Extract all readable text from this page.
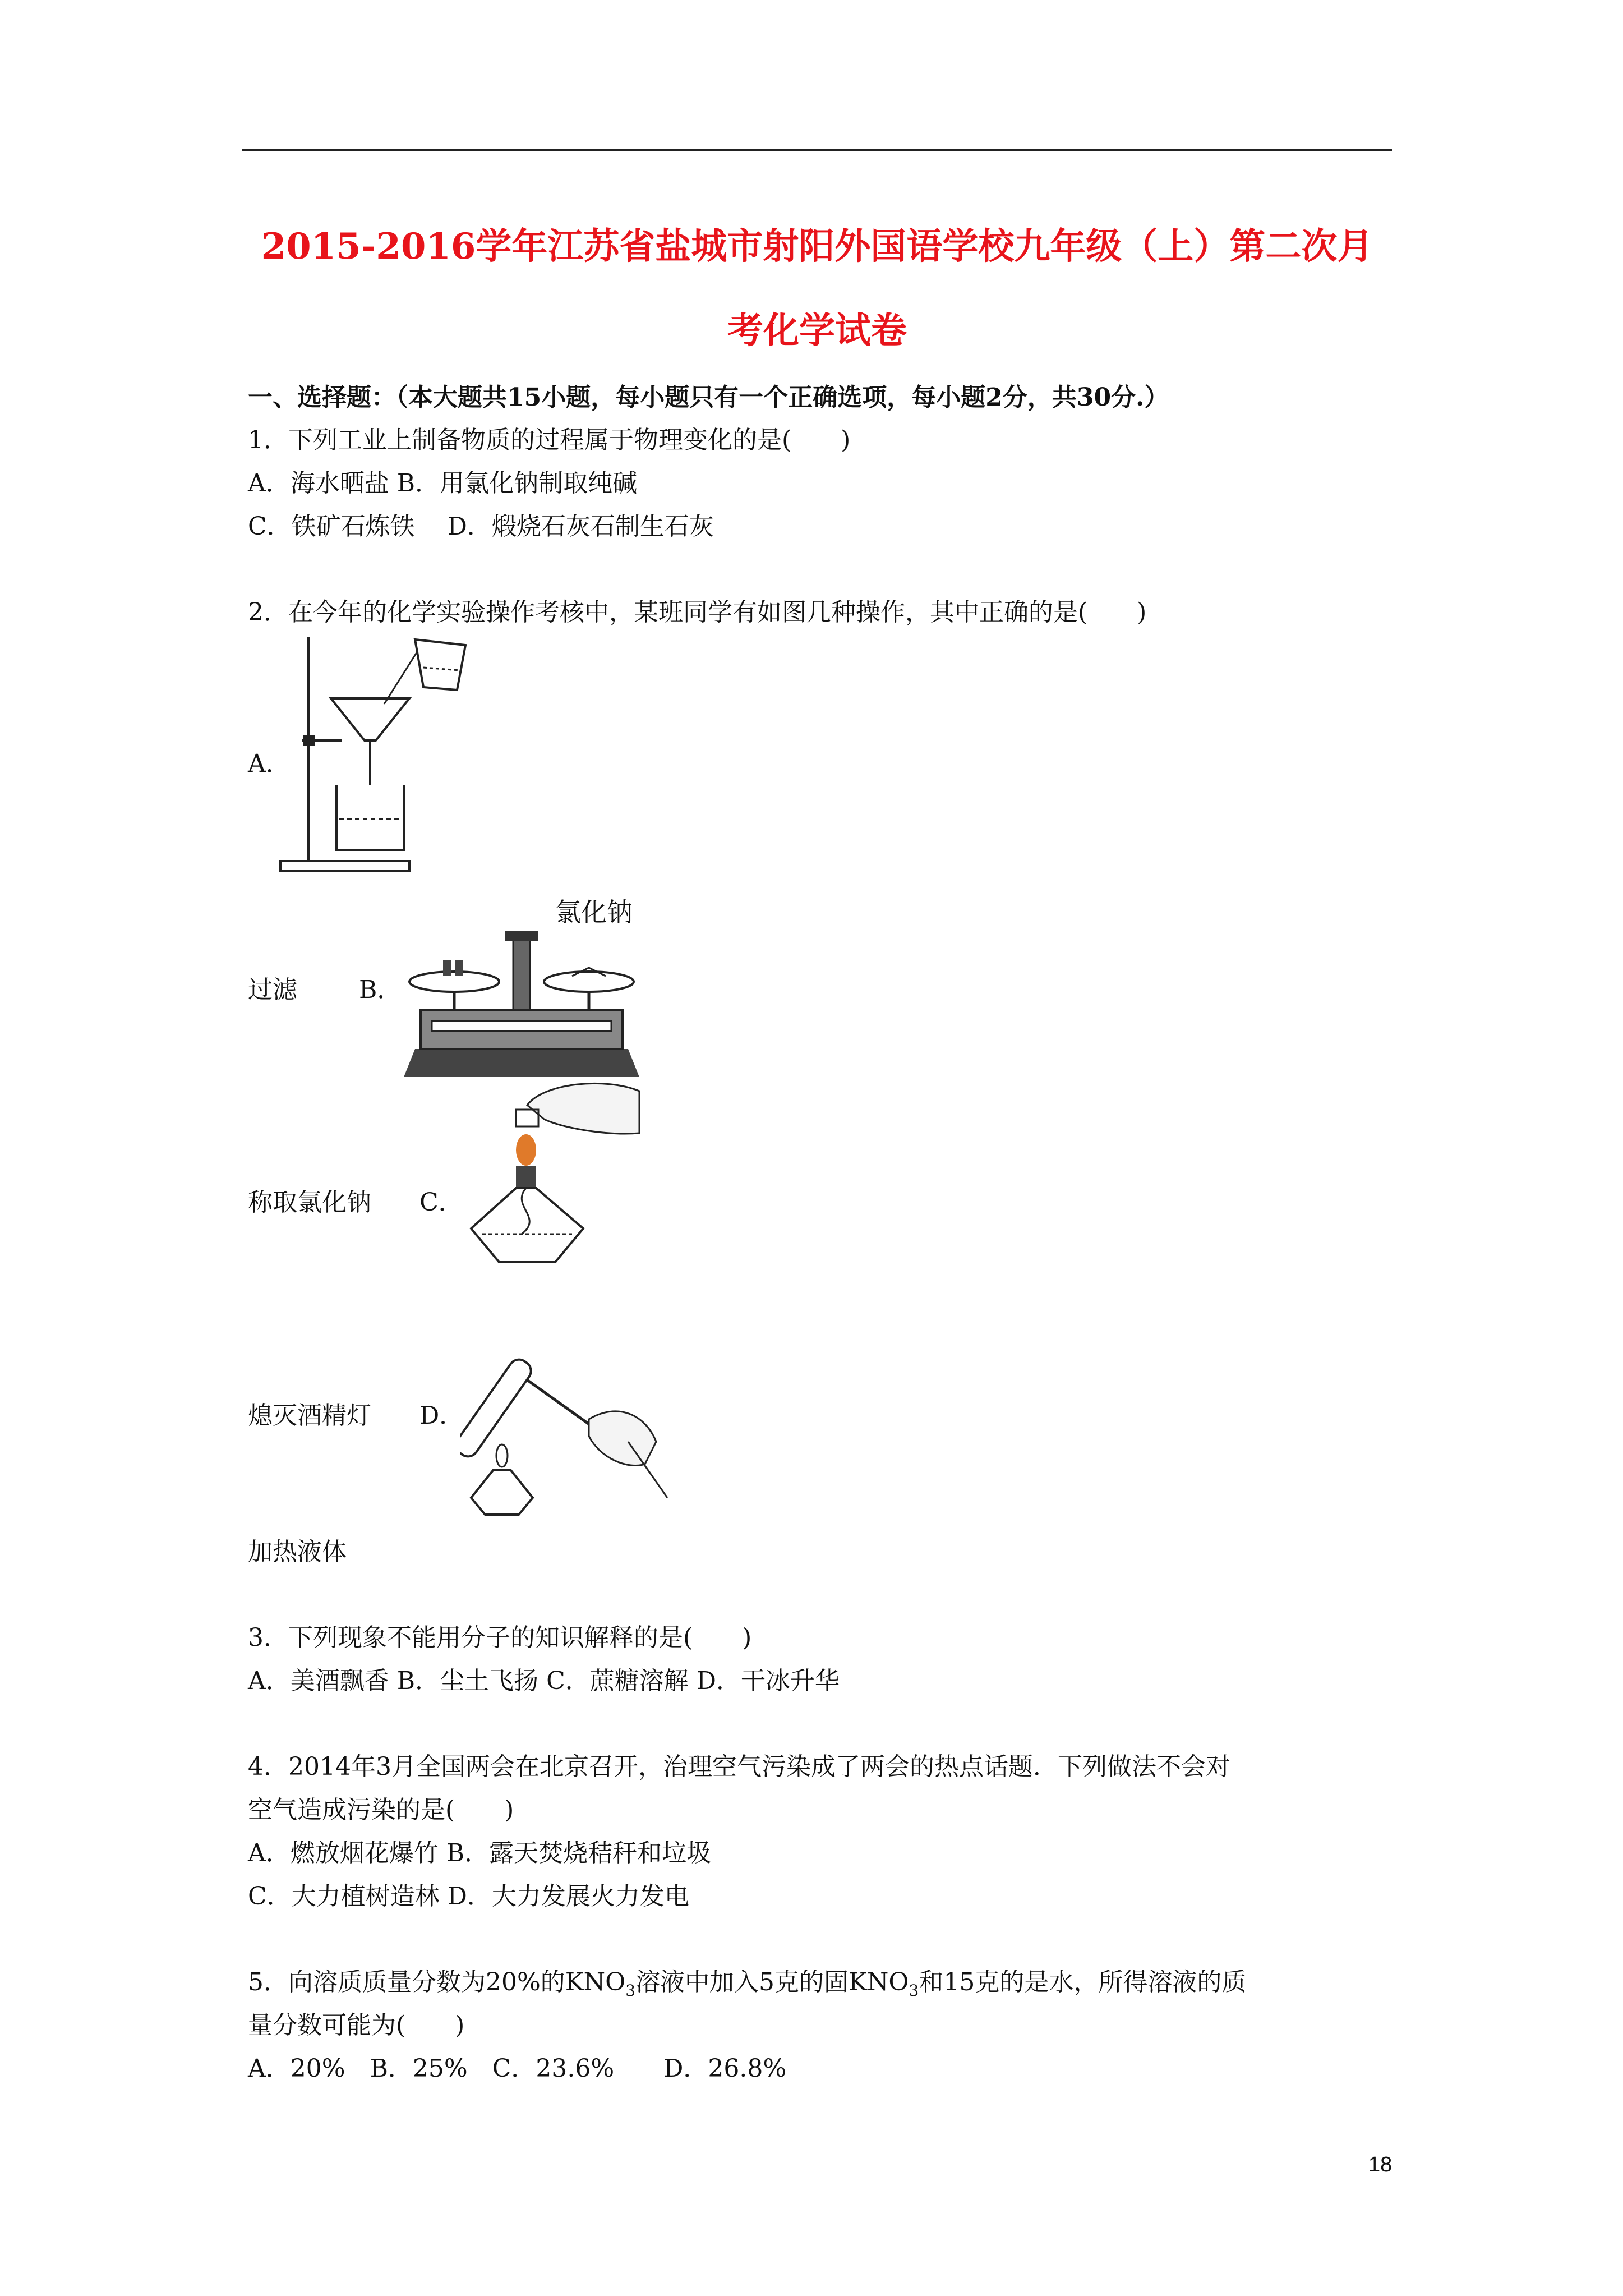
2015-2016学年江苏省盐城市射阳外国语学校九年级（上）第二次月
考化学试卷
一、选择题：（本大题共15小题，每小题只有一个正确选项，每小题2分，共30分.）
1．下列工业上制备物质的过程属于物理变化的是(　　)
A．海水晒盐 B．用氯化钠制取纯碱
C．铁矿石炼铁　 D．煅烧石灰石制生石灰
2．在今年的化学实验操作考核中，某班同学有如图几种操作，其中正确的是(　　)
A．
过滤	B．
氯化钠
称取氯化钠 C．
熄灭酒精灯 D．
加热液体
3．下列现象不能用分子的知识解释的是(　　)
A．美酒飘香 B．尘土飞扬 C．蔗糖溶解 D．干冰升华
4．2014年3月全国两会在北京召开，治理空气污染成了两会的热点话题．下列做法不会对
空气造成污染的是(　　)
A．燃放烟花爆竹 B．露天焚烧秸秆和垃圾
C．大力植树造林 D．大力发展火力发电
5．向溶质质量分数为20%的$KNO_3$溶液中加入5克的固$KNO_3$和15克的是水，所得溶液的质
量分数可能为(　　)
A．20%　B．25%　C．23.6%　　D．26.8%
18
